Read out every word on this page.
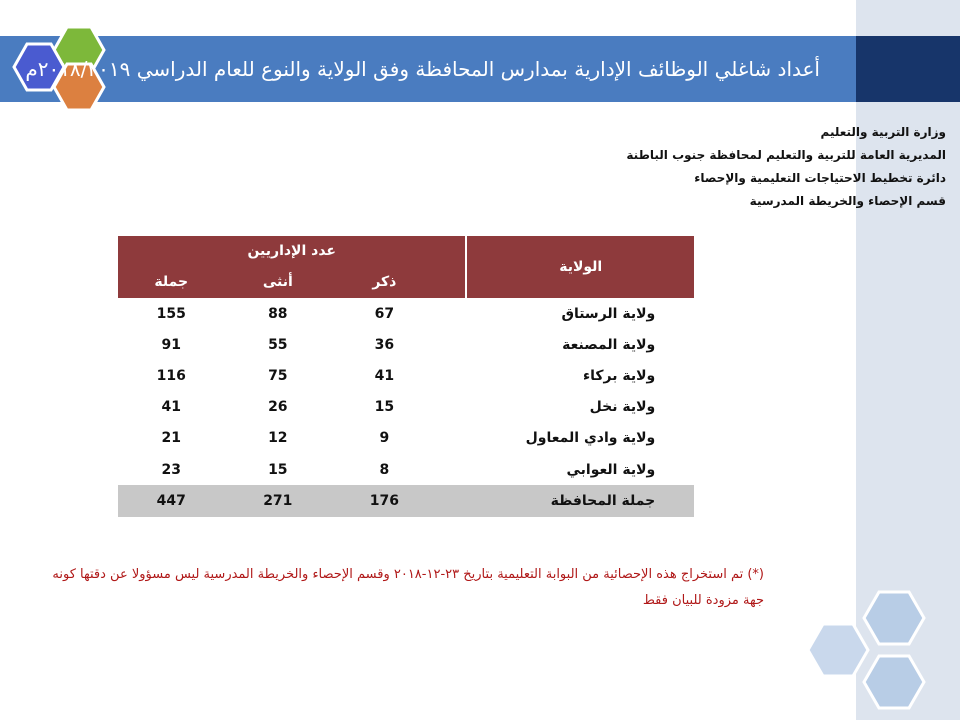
أعداد شاغلي الوظائف الإدارية بمدارس المحافظة وفق الولاية والنوع للعام الدراسي ٢٠١٨/٢٠١٩م
وزارة التربية والتعليم
المديرية العامة للتربية والتعليم لمحافظة جنوب الباطنة
دائرة تخطيط الاحتياجات التعليمية والإحصاء
قسم الإحصاء والخريطة المدرسية
عدد الإداريين				الولاية
جملة	أنثى	ذكر		
155	88	67		ولاية الرستاق
91	55	36		ولاية المصنعة
116	75	41		ولاية بركاء
41	26	15		ولاية نخل
21	12	9		ولاية وادي المعاول
23	15	8		ولاية العوابي
447	271	176		جملة المحافظة
(*) تم استخراج هذه الإحصائية من البوابة التعليمية بتاريخ ٢٣-١٢-٢٠١٨ وقسم الإحصاء والخريطة المدرسية ليس مسؤولا عن دقتها كونه جهة مزودة للبيان فقط
